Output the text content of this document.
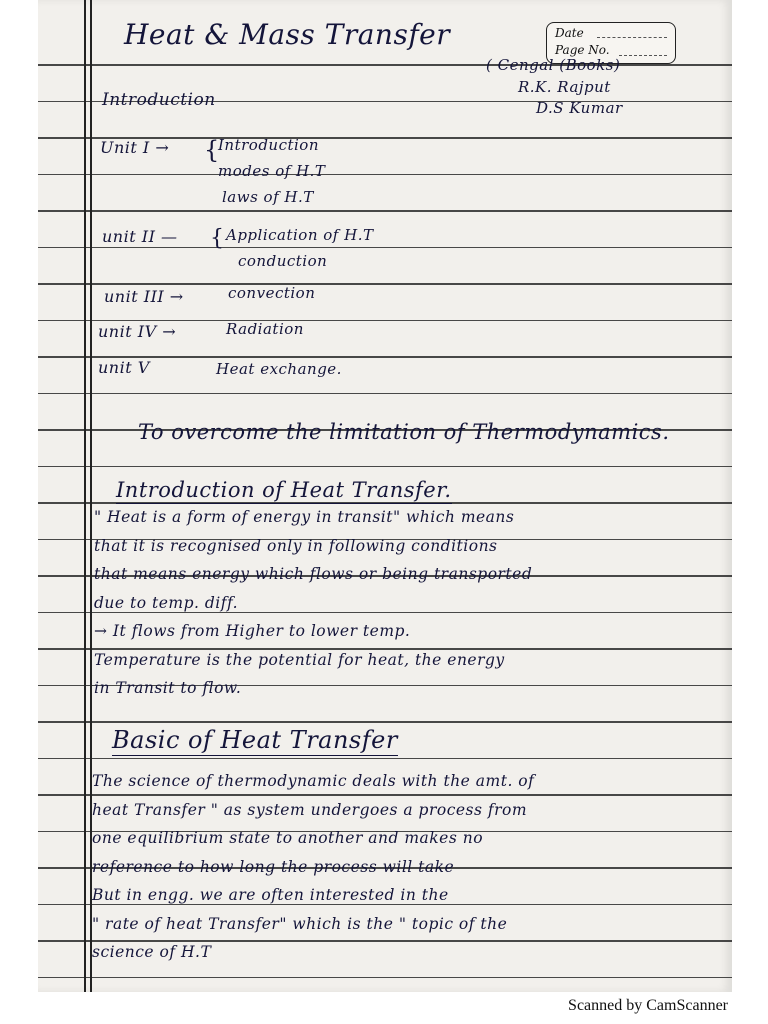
Heat & Mass Transfer	Date
Page No.
( Cengal (Books)
R.K. Rajput
D.S Kumar
Introduction
Unit I → {
Introduction
modes of H.T
laws of H.T
unit II — { Application of H.T
conduction
unit III →	convection
unit IV →	Radiation
unit V	Heat exchange.
To overcome the limitation of Thermodynamics.
Introduction of Heat Transfer.
" Heat is a form of energy in transit" which means
that it is recognised only in following conditions
that means energy which flows or being transported
due to temp. diff.
→ It flows from Higher to lower temp.
Temperature is the potential for heat, the energy
in Transit to flow.
Basic of Heat Transfer
The science of thermodynamic deals with the amt. of
heat Transfer " as system undergoes a process from
one equilibrium state to another and makes no
reference to how long the process will take
But in engg. we are often interested in the
" rate of heat Transfer" which is the " topic of the
science of H.T
Scanned by CamScanner
